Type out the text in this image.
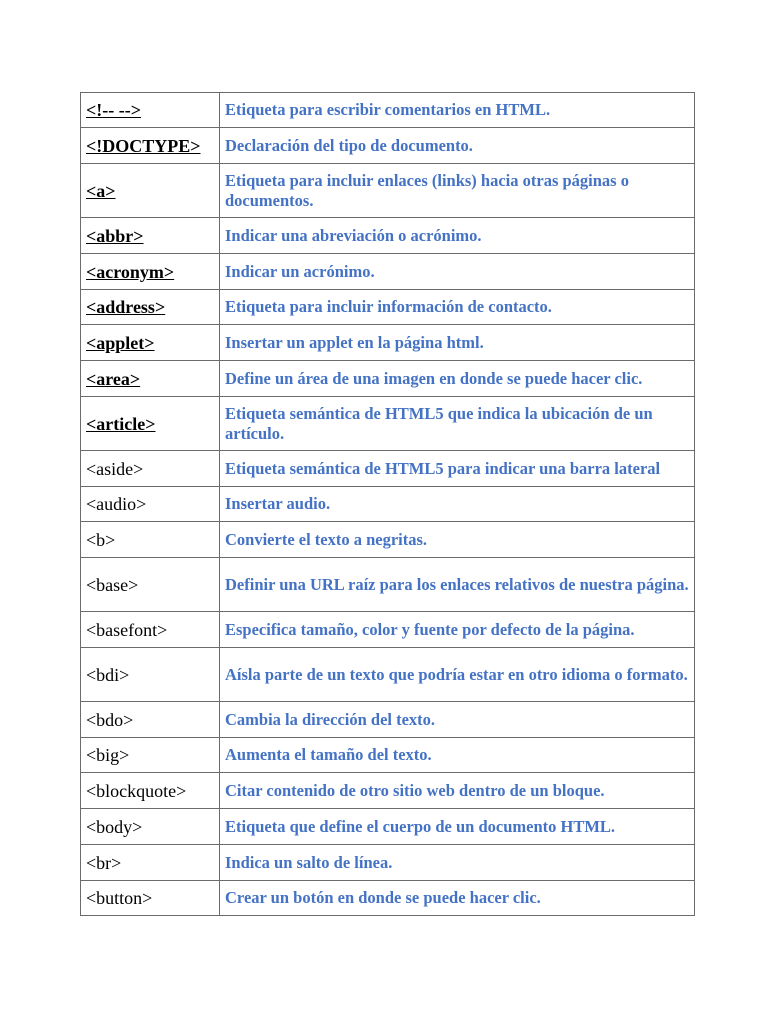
<!-- -->	Etiqueta para escribir comentarios en HTML.
<!DOCTYPE>	Declaración del tipo de documento.
<a>	Etiqueta para incluir enlaces (links) hacia otras páginas o documentos.
<abbr>	Indicar una abreviación o acrónimo.
<acronym>	Indicar un acrónimo.
<address>	Etiqueta para incluir información de contacto.
<applet>	Insertar un applet en la página html.
<area>	Define un área de una imagen en donde se puede hacer clic.
<article>	Etiqueta semántica de HTML5 que indica la ubicación de un artículo.
<aside>	Etiqueta semántica de HTML5 para indicar una barra lateral
<audio>	Insertar audio.
<b>	Convierte el texto a negritas.
<base>	Definir una URL raíz para los enlaces relativos de nuestra página.
<basefont>	Especifica tamaño, color y fuente por defecto de la página.
<bdi>	Aísla parte de un texto que podría estar en otro idioma o formato.
<bdo>	Cambia la dirección del texto.
<big>	Aumenta el tamaño del texto.
<blockquote>	Citar contenido de otro sitio web dentro de un bloque.
<body>	Etiqueta que define el cuerpo de un documento HTML.
<br>	Indica un salto de línea.
<button>	Crear un botón en donde se puede hacer clic.
